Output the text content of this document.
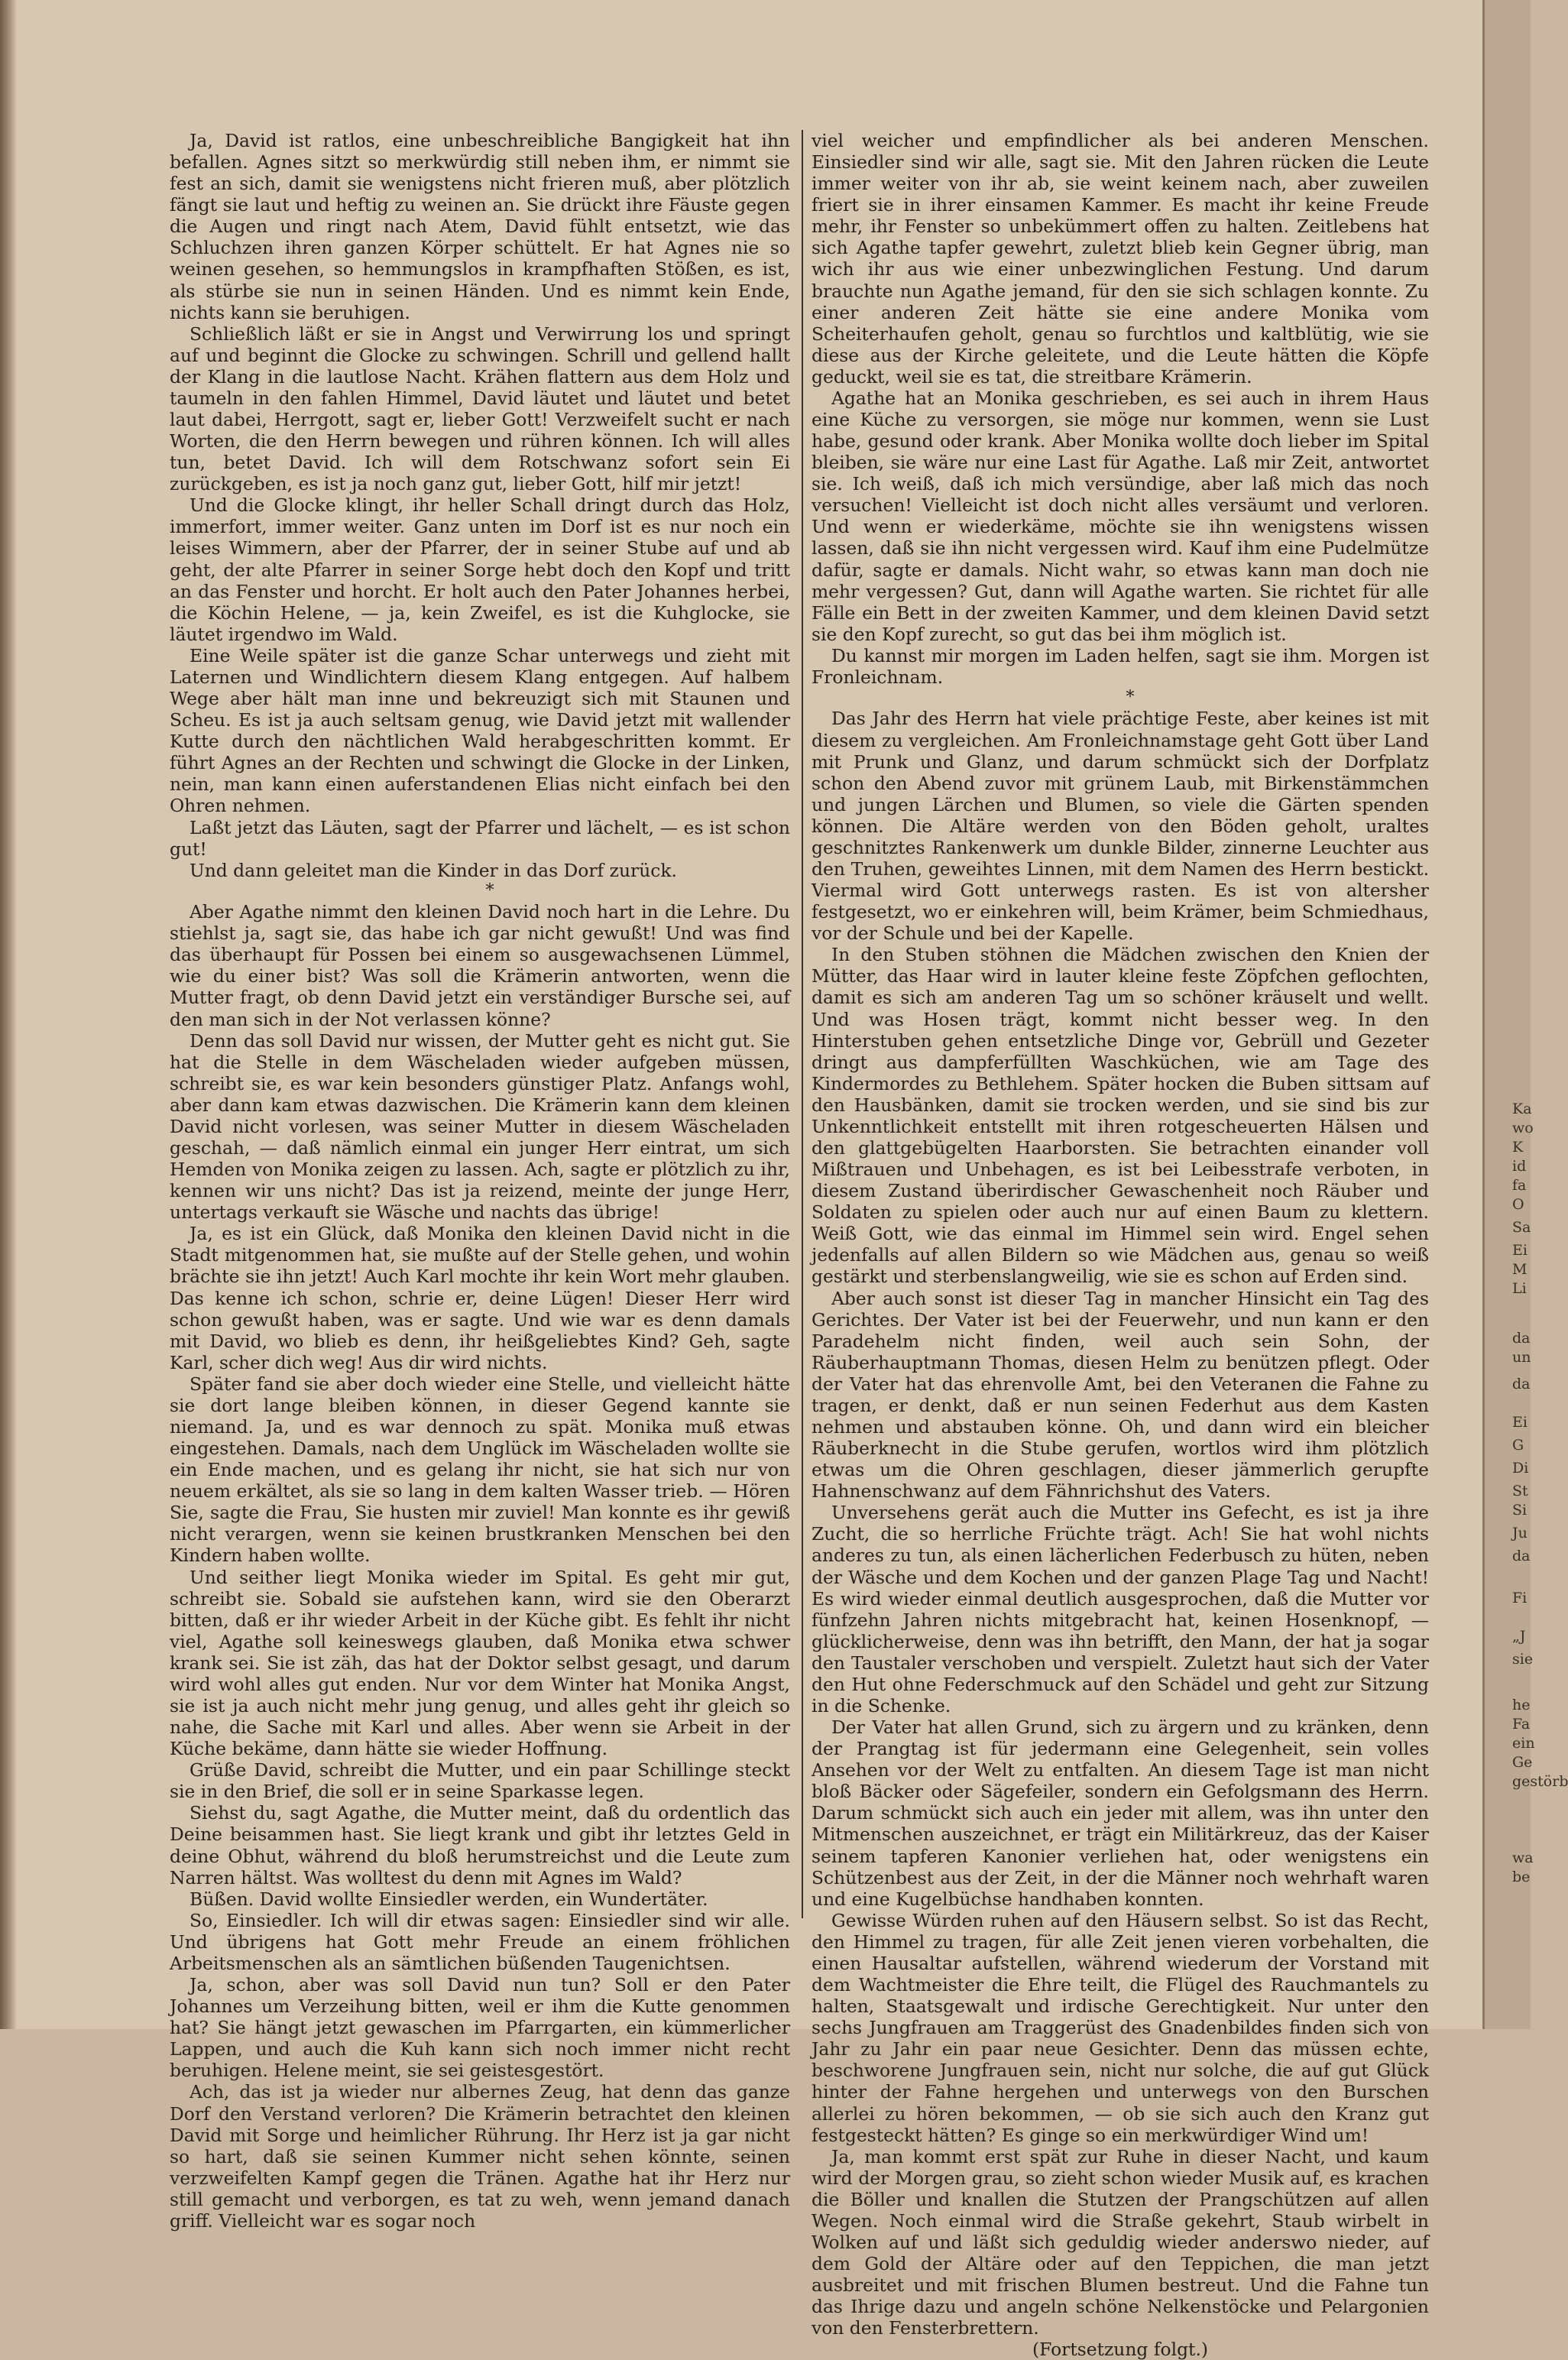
Ja, David ist ratlos, eine unbeschreibliche Bangigkeit hat ihn befallen. Agnes sitzt so merkwürdig still neben ihm, er nimmt sie fest an sich, damit sie wenigstens nicht frieren muß, aber plötzlich fängt sie laut und heftig zu weinen an. Sie drückt ihre Fäuste gegen die Augen und ringt nach Atem, David fühlt entsetzt, wie das Schluchzen ihren ganzen Körper schüttelt. Er hat Agnes nie so weinen gesehen, so hemmungslos in krampfhaften Stößen, es ist, als stürbe sie nun in seinen Händen. Und es nimmt kein Ende, nichts kann sie beruhigen.

Schließlich läßt er sie in Angst und Verwirrung los und springt auf und beginnt die Glocke zu schwingen. Schrill und gellend hallt der Klang in die lautlose Nacht. Krähen flattern aus dem Holz und taumeln in den fahlen Himmel, David läutet und läutet und betet laut dabei, Herrgott, sagt er, lieber Gott! Verzweifelt sucht er nach Worten, die den Herrn bewegen und rühren können. Ich will alles tun, betet David. Ich will dem Rotschwanz sofort sein Ei zurückgeben, es ist ja noch ganz gut, lieber Gott, hilf mir jetzt!

Und die Glocke klingt, ihr heller Schall dringt durch das Holz, immerfort, immer weiter. Ganz unten im Dorf ist es nur noch ein leises Wimmern, aber der Pfarrer, der in seiner Stube auf und ab geht, der alte Pfarrer in seiner Sorge hebt doch den Kopf und tritt an das Fenster und horcht. Er holt auch den Pater Johannes herbei, die Köchin Helene, — ja, kein Zweifel, es ist die Kuhglocke, sie läutet irgendwo im Wald.

Eine Weile später ist die ganze Schar unterwegs und zieht mit Laternen und Windlichtern diesem Klang entgegen. Auf halbem Wege aber hält man inne und bekreuzigt sich mit Staunen und Scheu. Es ist ja auch seltsam genug, wie David jetzt mit wallender Kutte durch den nächtlichen Wald herabgeschritten kommt. Er führt Agnes an der Rechten und schwingt die Glocke in der Linken, nein, man kann einen auferstandenen Elias nicht einfach bei den Ohren nehmen.

Laßt jetzt das Läuten, sagt der Pfarrer und lächelt, — es ist schon gut!

Und dann geleitet man die Kinder in das Dorf zurück.

*

Aber Agathe nimmt den kleinen David noch hart in die Lehre. Du stiehlst ja, sagt sie, das habe ich gar nicht gewußt! Und was find das überhaupt für Possen bei einem so ausgewachsenen Lümmel, wie du einer bist? Was soll die Krämerin antworten, wenn die Mutter fragt, ob denn David jetzt ein verständiger Bursche sei, auf den man sich in der Not verlassen könne?

Denn das soll David nur wissen, der Mutter geht es nicht gut. Sie hat die Stelle in dem Wäscheladen wieder aufgeben müssen, schreibt sie, es war kein besonders günstiger Platz. Anfangs wohl, aber dann kam etwas dazwischen. Die Krämerin kann dem kleinen David nicht vorlesen, was seiner Mutter in diesem Wäscheladen geschah, — daß nämlich einmal ein junger Herr eintrat, um sich Hemden von Monika zeigen zu lassen. Ach, sagte er plötzlich zu ihr, kennen wir uns nicht? Das ist ja reizend, meinte der junge Herr, untertags verkauft sie Wäsche und nachts das übrige!

Ja, es ist ein Glück, daß Monika den kleinen David nicht in die Stadt mitgenommen hat, sie mußte auf der Stelle gehen, und wohin brächte sie ihn jetzt! Auch Karl mochte ihr kein Wort mehr glauben. Das kenne ich schon, schrie er, deine Lügen! Dieser Herr wird schon gewußt haben, was er sagte. Und wie war es denn damals mit David, wo blieb es denn, ihr heißgeliebtes Kind? Geh, sagte Karl, scher dich weg! Aus dir wird nichts.

Später fand sie aber doch wieder eine Stelle, und vielleicht hätte sie dort lange bleiben können, in dieser Gegend kannte sie niemand. Ja, und es war dennoch zu spät. Monika muß etwas eingestehen. Damals, nach dem Unglück im Wäscheladen wollte sie ein Ende machen, und es gelang ihr nicht, sie hat sich nur von neuem erkältet, als sie so lang in dem kalten Wasser trieb. — Hören Sie, sagte die Frau, Sie husten mir zuviel! Man konnte es ihr gewiß nicht verargen, wenn sie keinen brustkranken Menschen bei den Kindern haben wollte.

Und seither liegt Monika wieder im Spital. Es geht mir gut, schreibt sie. Sobald sie aufstehen kann, wird sie den Oberarzt bitten, daß er ihr wieder Arbeit in der Küche gibt. Es fehlt ihr nicht viel, Agathe soll keineswegs glauben, daß Monika etwa schwer krank sei. Sie ist zäh, das hat der Doktor selbst gesagt, und darum wird wohl alles gut enden. Nur vor dem Winter hat Monika Angst, sie ist ja auch nicht mehr jung genug, und alles geht ihr gleich so nahe, die Sache mit Karl und alles. Aber wenn sie Arbeit in der Küche bekäme, dann hätte sie wieder Hoffnung.

Grüße David, schreibt die Mutter, und ein paar Schillinge steckt sie in den Brief, die soll er in seine Sparkasse legen.

Siehst du, sagt Agathe, die Mutter meint, daß du ordentlich das Deine beisammen hast. Sie liegt krank und gibt ihr letztes Geld in deine Obhut, während du bloß herumstreichst und die Leute zum Narren hältst. Was wolltest du denn mit Agnes im Wald?

Büßen. David wollte Einsiedler werden, ein Wundertäter.

So, Einsiedler. Ich will dir etwas sagen: Einsiedler sind wir alle. Und übrigens hat Gott mehr Freude an einem fröhlichen Arbeitsmenschen als an sämtlichen büßenden Taugenichtsen.

Ja, schon, aber was soll David nun tun? Soll er den Pater Johannes um Verzeihung bitten, weil er ihm die Kutte genommen hat? Sie hängt jetzt gewaschen im Pfarrgarten, ein kümmerlicher Lappen, und auch die Kuh kann sich noch immer nicht recht beruhigen. Helene meint, sie sei geistesgestört.

Ach, das ist ja wieder nur albernes Zeug, hat denn das ganze Dorf den Verstand verloren? Die Krämerin betrachtet den kleinen David mit Sorge und heimlicher Rührung. Ihr Herz ist ja gar nicht so hart, daß sie seinen Kummer nicht sehen könnte, seinen verzweifelten Kampf gegen die Tränen. Agathe hat ihr Herz nur still gemacht und verborgen, es tat zu weh, wenn jemand danach griff. Vielleicht war es sogar noch

viel weicher und empfindlicher als bei anderen Menschen. Einsiedler sind wir alle, sagt sie. Mit den Jahren rücken die Leute immer weiter von ihr ab, sie weint keinem nach, aber zuweilen friert sie in ihrer einsamen Kammer. Es macht ihr keine Freude mehr, ihr Fenster so unbekümmert offen zu halten. Zeitlebens hat sich Agathe tapfer gewehrt, zuletzt blieb kein Gegner übrig, man wich ihr aus wie einer unbezwinglichen Festung. Und darum brauchte nun Agathe jemand, für den sie sich schlagen konnte. Zu einer anderen Zeit hätte sie eine andere Monika vom Scheiterhaufen geholt, genau so furchtlos und kaltblütig, wie sie diese aus der Kirche geleitete, und die Leute hätten die Köpfe geduckt, weil sie es tat, die streitbare Krämerin.

Agathe hat an Monika geschrieben, es sei auch in ihrem Haus eine Küche zu versorgen, sie möge nur kommen, wenn sie Lust habe, gesund oder krank. Aber Monika wollte doch lieber im Spital bleiben, sie wäre nur eine Last für Agathe. Laß mir Zeit, antwortet sie. Ich weiß, daß ich mich versündige, aber laß mich das noch versuchen! Vielleicht ist doch nicht alles versäumt und verloren. Und wenn er wiederkäme, möchte sie ihn wenigstens wissen lassen, daß sie ihn nicht vergessen wird. Kauf ihm eine Pudelmütze dafür, sagte er damals. Nicht wahr, so etwas kann man doch nie mehr vergessen? Gut, dann will Agathe warten. Sie richtet für alle Fälle ein Bett in der zweiten Kammer, und dem kleinen David setzt sie den Kopf zurecht, so gut das bei ihm möglich ist.

Du kannst mir morgen im Laden helfen, sagt sie ihm. Morgen ist Fronleichnam.

*

Das Jahr des Herrn hat viele prächtige Feste, aber keines ist mit diesem zu vergleichen. Am Fronleichnamstage geht Gott über Land mit Prunk und Glanz, und darum schmückt sich der Dorfplatz schon den Abend zuvor mit grünem Laub, mit Birkenstämmchen und jungen Lärchen und Blumen, so viele die Gärten spenden können. Die Altäre werden von den Böden geholt, uraltes geschnitztes Rankenwerk um dunkle Bilder, zinnerne Leuchter aus den Truhen, geweihtes Linnen, mit dem Namen des Herrn bestickt. Viermal wird Gott unterwegs rasten. Es ist von altersher festgesetzt, wo er einkehren will, beim Krämer, beim Schmiedhaus, vor der Schule und bei der Kapelle.

In den Stuben stöhnen die Mädchen zwischen den Knien der Mütter, das Haar wird in lauter kleine feste Zöpfchen geflochten, damit es sich am anderen Tag um so schöner kräuselt und wellt. Und was Hosen trägt, kommt nicht besser weg. In den Hinterstuben gehen entsetzliche Dinge vor, Gebrüll und Gezeter dringt aus dampferfüllten Waschküchen, wie am Tage des Kindermordes zu Bethlehem. Später hocken die Buben sittsam auf den Hausbänken, damit sie trocken werden, und sie sind bis zur Unkenntlichkeit entstellt mit ihren rotgescheuerten Hälsen und den glattgebügelten Haarborsten. Sie betrachten einander voll Mißtrauen und Unbehagen, es ist bei Leibesstrafe verboten, in diesem Zustand überirdischer Gewaschenheit noch Räuber und Soldaten zu spielen oder auch nur auf einen Baum zu klettern. Weiß Gott, wie das einmal im Himmel sein wird. Engel sehen jedenfalls auf allen Bildern so wie Mädchen aus, genau so weiß gestärkt und sterbenslangweilig, wie sie es schon auf Erden sind.

Aber auch sonst ist dieser Tag in mancher Hinsicht ein Tag des Gerichtes. Der Vater ist bei der Feuerwehr, und nun kann er den Paradehelm nicht finden, weil auch sein Sohn, der Räuberhauptmann Thomas, diesen Helm zu benützen pflegt. Oder der Vater hat das ehrenvolle Amt, bei den Veteranen die Fahne zu tragen, er denkt, daß er nun seinen Federhut aus dem Kasten nehmen und abstauben könne. Oh, und dann wird ein bleicher Räuberknecht in die Stube gerufen, wortlos wird ihm plötzlich etwas um die Ohren geschlagen, dieser jämmerlich gerupfte Hahnenschwanz auf dem Fähnrichshut des Vaters.

Unversehens gerät auch die Mutter ins Gefecht, es ist ja ihre Zucht, die so herrliche Früchte trägt. Ach! Sie hat wohl nichts anderes zu tun, als einen lächerlichen Federbusch zu hüten, neben der Wäsche und dem Kochen und der ganzen Plage Tag und Nacht! Es wird wieder einmal deutlich ausgesprochen, daß die Mutter vor fünfzehn Jahren nichts mitgebracht hat, keinen Hosenknopf, — glücklicherweise, denn was ihn betrifft, den Mann, der hat ja sogar den Taustaler verschoben und verspielt. Zuletzt haut sich der Vater den Hut ohne Federschmuck auf den Schädel und geht zur Sitzung in die Schenke.

Der Vater hat allen Grund, sich zu ärgern und zu kränken, denn der Prangtag ist für jedermann eine Gelegenheit, sein volles Ansehen vor der Welt zu entfalten. An diesem Tage ist man nicht bloß Bäcker oder Sägefeiler, sondern ein Gefolgsmann des Herrn. Darum schmückt sich auch ein jeder mit allem, was ihn unter den Mitmenschen auszeichnet, er trägt ein Militärkreuz, das der Kaiser seinem tapferen Kanonier verliehen hat, oder wenigstens ein Schützenbest aus der Zeit, in der die Männer noch wehrhaft waren und eine Kugelbüchse handhaben konnten.

Gewisse Würden ruhen auf den Häusern selbst. So ist das Recht, den Himmel zu tragen, für alle Zeit jenen vieren vorbehalten, die einen Hausaltar aufstellen, während wiederum der Vorstand mit dem Wachtmeister die Ehre teilt, die Flügel des Rauchmantels zu halten, Staatsgewalt und irdische Gerechtigkeit. Nur unter den sechs Jungfrauen am Traggerüst des Gnadenbildes finden sich von Jahr zu Jahr ein paar neue Gesichter. Denn das müssen echte, beschworene Jungfrauen sein, nicht nur solche, die auf gut Glück hinter der Fahne hergehen und unterwegs von den Burschen allerlei zu hören bekommen, — ob sie sich auch den Kranz gut festgesteckt hätten? Es ginge so ein merkwürdiger Wind um!

Ja, man kommt erst spät zur Ruhe in dieser Nacht, und kaum wird der Morgen grau, so zieht schon wieder Musik auf, es krachen die Böller und knallen die Stutzen der Prangschützen auf allen Wegen. Noch einmal wird die Straße gekehrt, Staub wirbelt in Wolken auf und läßt sich geduldig wieder anderswo nieder, auf dem Gold der Altäre oder auf den Teppichen, die man jetzt ausbreitet und mit frischen Blumen bestreut. Und die Fahne tun das Ihrige dazu und angeln schöne Nelkenstöcke und Pelargonien von den Fensterbrettern.

(Fortsetzung folgt.)

Ka
wo
K
id
fa
O
Sa
Ei
M
Li
da
un
da
Ei
G
Di
St
Si
Ju
da
Fi
„J
sie
he
Fa
ein
Ge
gestörb
wa
be
